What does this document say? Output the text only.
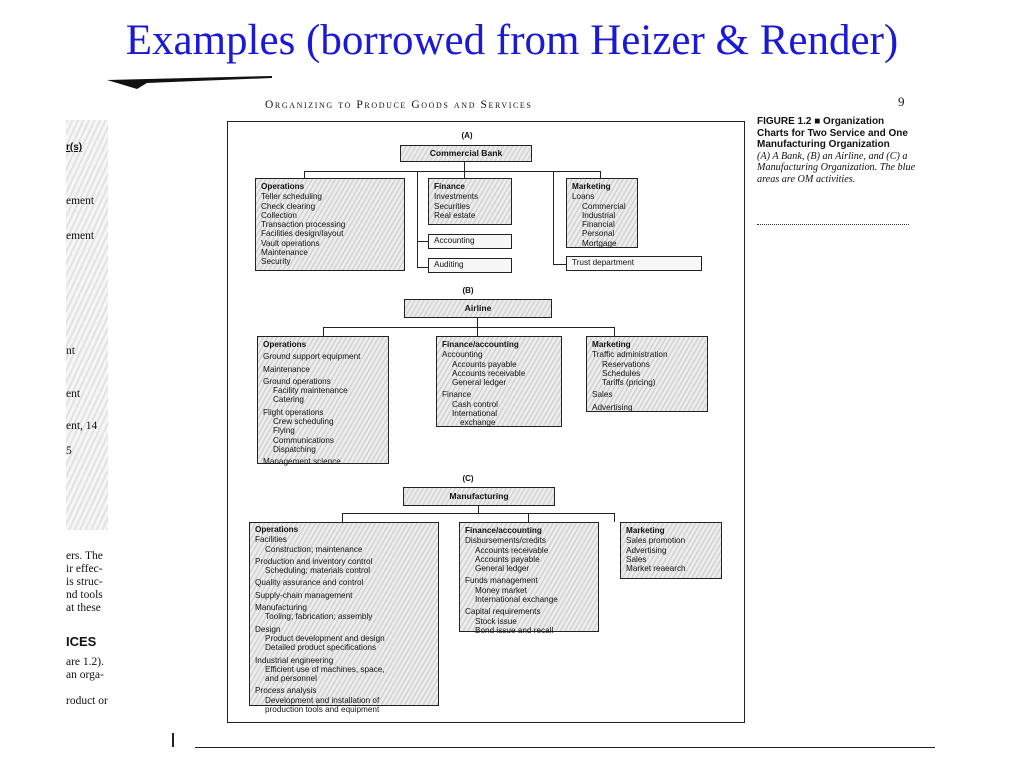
Examples (borrowed from Heizer & Render)
Organizing to Produce Goods and Services	9
r(s)
ement
ement
nt
ent
ent, 14
5
ers. The
ir effec-
is struc-
nd tools
at these
ICES
are 1.2).
an orga-
roduct or
(A)
Commercial Bank
Operations
Teller scheduling
Check clearing
Collection
Transaction processing
Facilities design/layout
Vault operations
Maintenance
Security
Finance
Investments
Securities
Real estate
Accounting
Auditing
Marketing
Loans
Commercial
Industrial
Financial
Personal
Mortgage
Trust department
(B)
Airline
Operations
Ground support equipment
Maintenance
Ground operations
Facility maintenance
Catering
Flight operations
Crew scheduling
Flying
Communications
Dispatching
Management science
Finance/accounting
Accounting
Accounts payable
Accounts receivable
General ledger
Finance
Cash control
International
exchange
Marketing
Traffic administration
Reservations
Schedules
Tariffs (pricing)
Sales
Advertising
(C)
Manufacturing
Operations
Facilities
Construction; maintenance
Production and inventory control
Scheduling; materials control
Quality assurance and control
Supply-chain management
Manufacturing
Tooling; fabrication; assembly
Design
Product development and design
Detailed product specifications
Industrial engineering
Efficient use of machines, space,
and personnel
Process analysis
Development and installation of
production tools and equipment
Finance/accounting
Disbursements/credits
Accounts receivable
Accounts payable
General ledger
Funds management
Money market
International exchange
Capital requirements
Stock issue
Bond issue and recall
Marketing
Sales promotion
Advertising
Sales
Market reaearch
FIGURE 1.2 ■ Organization Charts for Two Service and One Manufacturing Organization
(A) A Bank, (B) an Airline, and (C) a Manufacturing Organization. The blue areas are OM activities.
